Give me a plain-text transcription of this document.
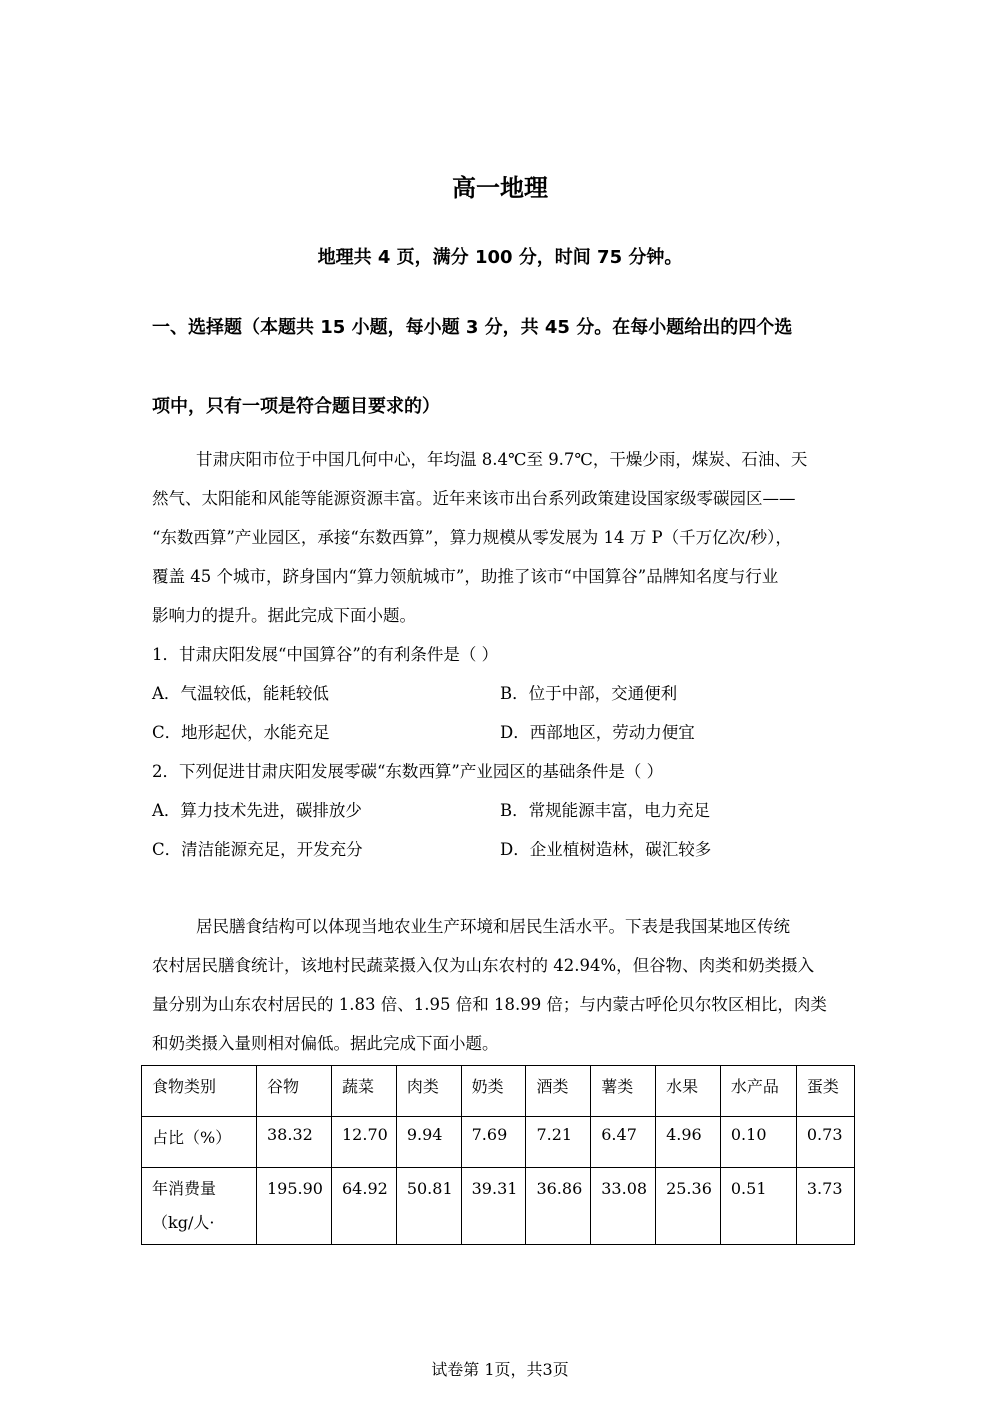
高一地理
地理共 4 页，满分 100 分，时间 75 分钟。
一、选择题（本题共 15 小题，每小题 3 分，共 45 分。在每小题给出的四个选
项中，只有一项是符合题目要求的）
甘肃庆阳市位于中国几何中心，年均温 8.4℃至 9.7℃，干燥少雨，煤炭、石油、天
然气、太阳能和风能等能源资源丰富。近年来该市出台系列政策建设国家级零碳园区——
“东数西算”产业园区，承接“东数西算”，算力规模从零发展为 14 万 P（千万亿次/秒），
覆盖 45 个城市，跻身国内“算力领航城市”，助推了该市“中国算谷”品牌知名度与行业
影响力的提升。据此完成下面小题。
1．甘肃庆阳发展“中国算谷”的有利条件是（ ）
A．气温较低，能耗较低	B．位于中部，交通便利
C．地形起伏，水能充足	D．西部地区，劳动力便宜
2．下列促进甘肃庆阳发展零碳“东数西算”产业园区的基础条件是（ ）
A．算力技术先进，碳排放少	B．常规能源丰富，电力充足
C．清洁能源充足，开发充分	D．企业植树造林，碳汇较多
居民膳食结构可以体现当地农业生产环境和居民生活水平。下表是我国某地区传统
农村居民膳食统计，该地村民蔬菜摄入仅为山东农村的 42.94%，但谷物、肉类和奶类摄入
量分别为山东农村居民的 1.83 倍、1.95 倍和 18.99 倍；与内蒙古呼伦贝尔牧区相比，肉类
和奶类摄入量则相对偏低。据此完成下面小题。
食物类别	谷物	蔬菜	肉类	奶类	酒类	薯类	水果	水产品	蛋类
占比（%）	38.32	12.70	9.94	7.69	7.21	6.47	4.96	0.10	0.73

年消费量
（kg/人·	195.90	64.92	50.81	39.31	36.86	33.08	25.36	0.51	3.73
试卷第 1页，共3页
